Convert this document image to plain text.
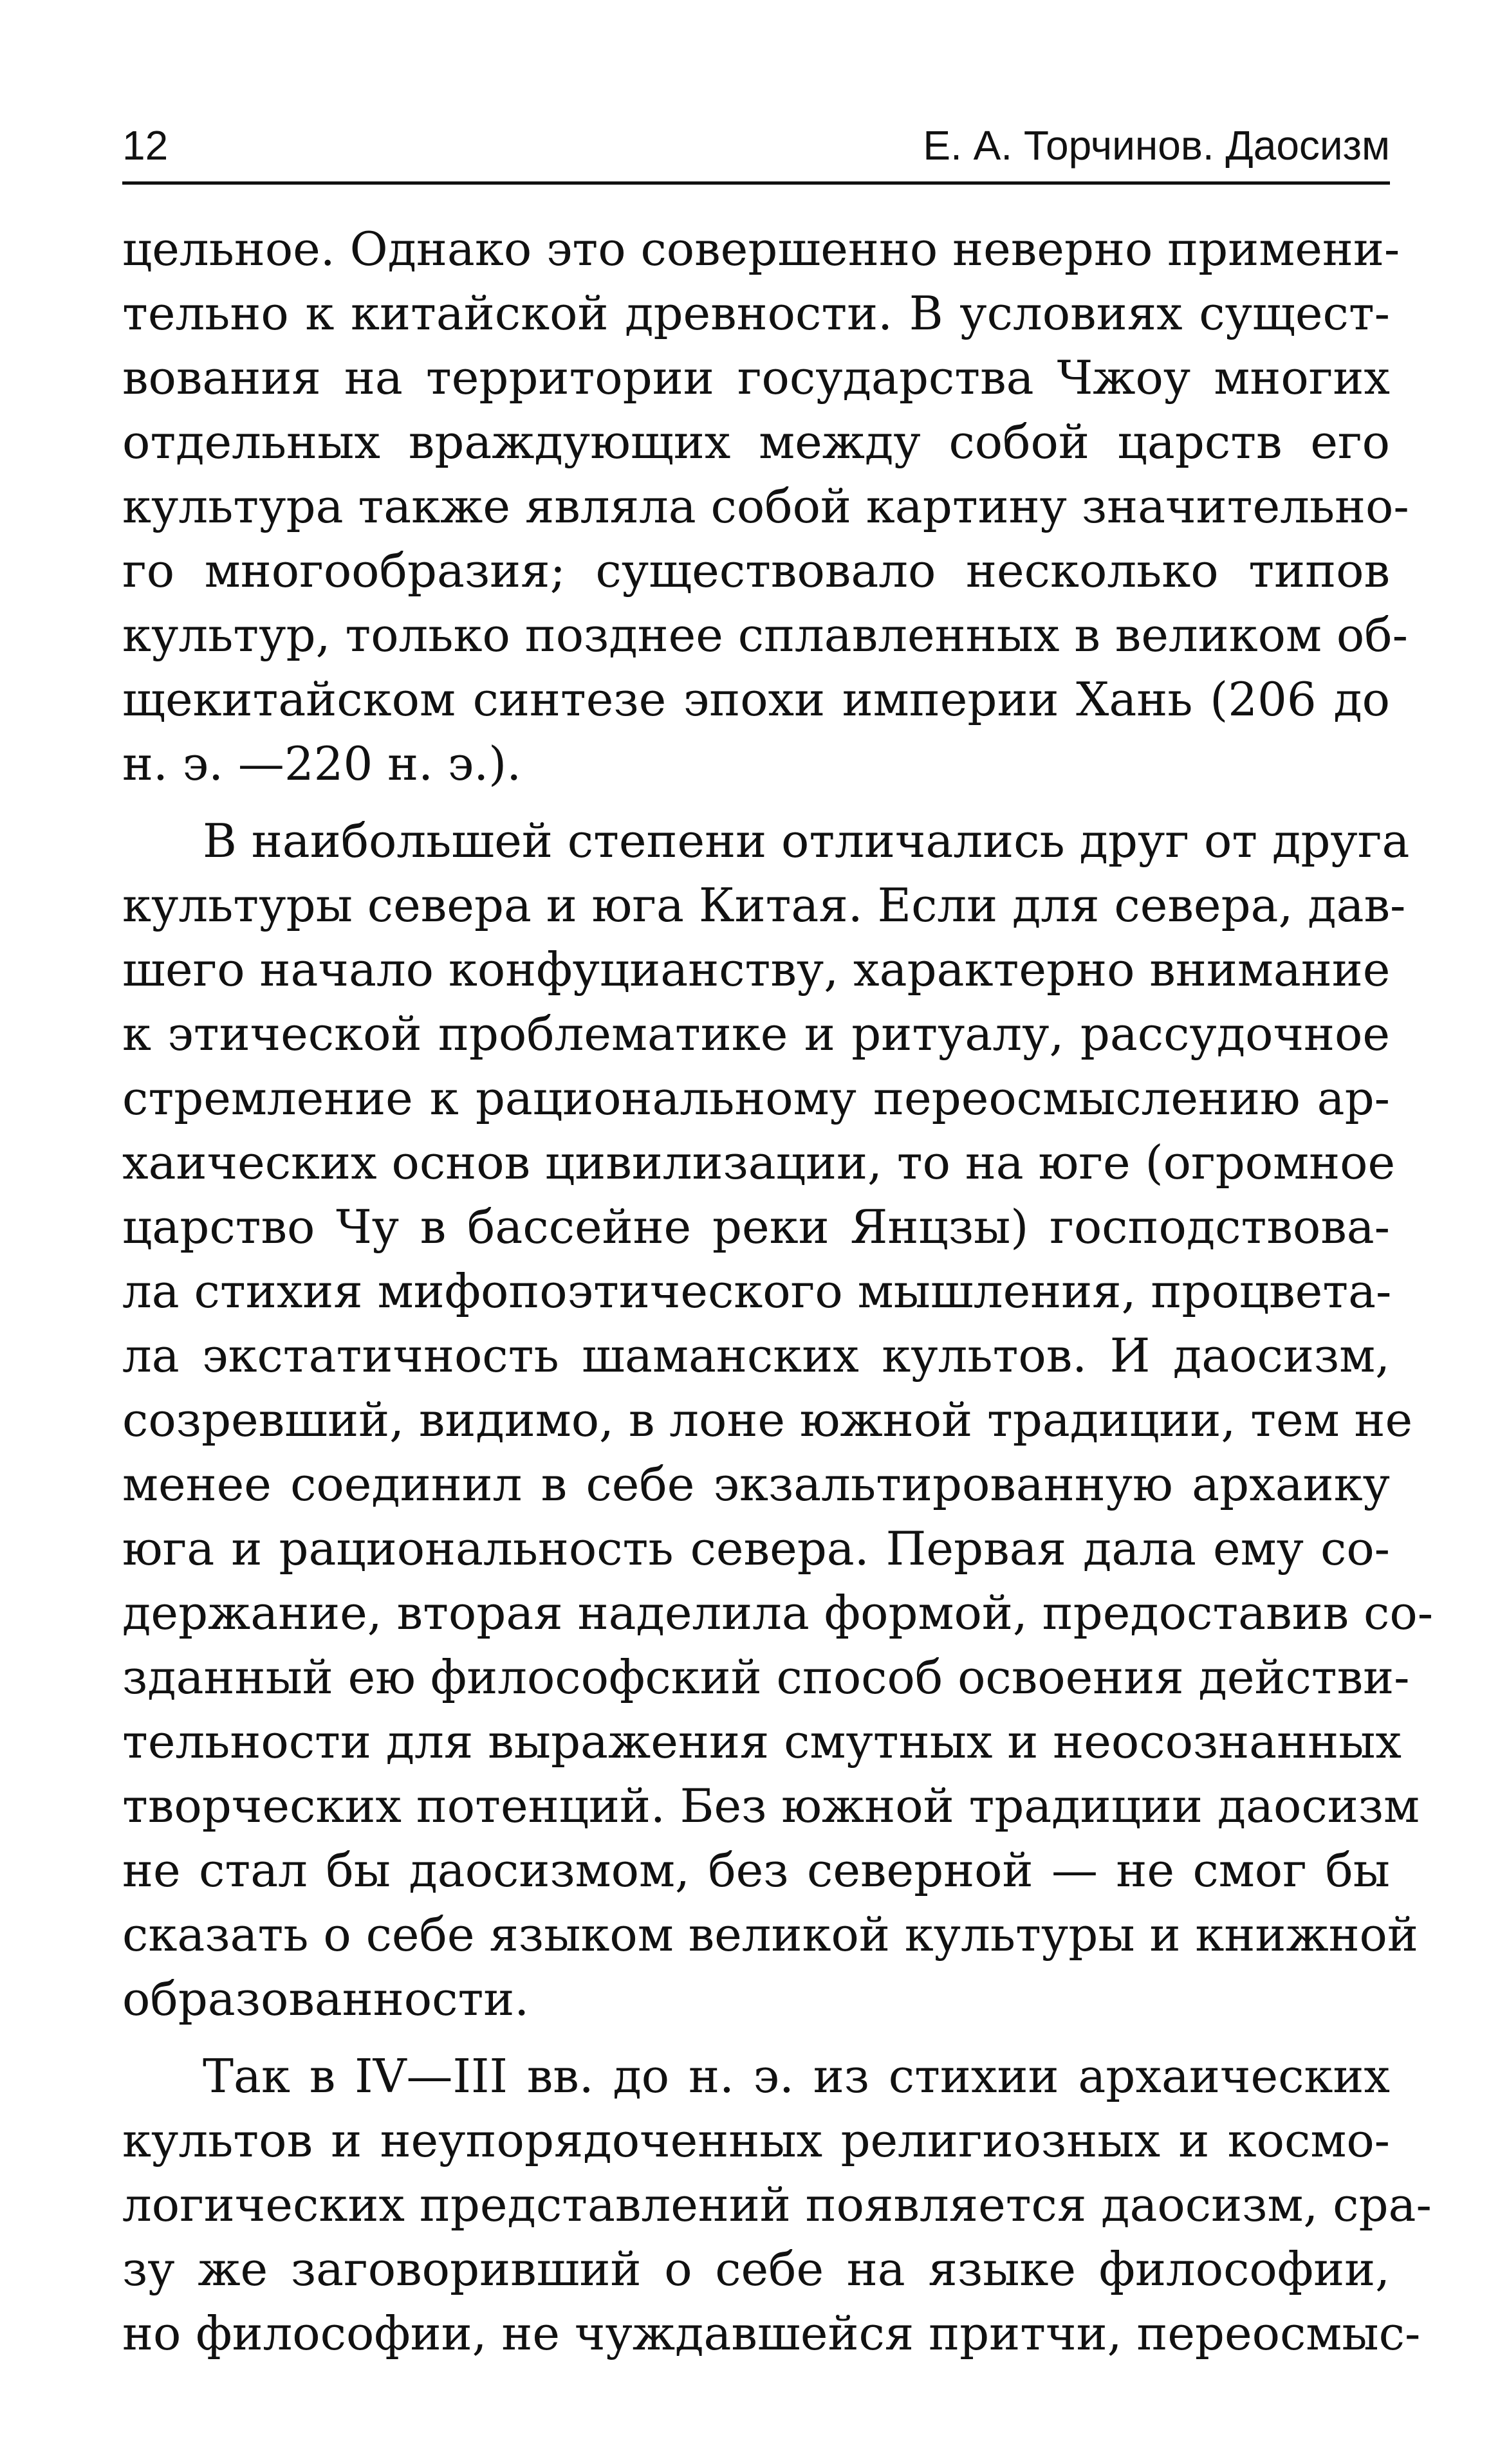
12	Е. А. Торчинов. Даосизм
цельное. Однако это совершенно неверно примени-
тельно к китайской древности. В условиях сущест-
вования на территории государства Чжоу многих
отдельных враждующих между собой царств его
культура также являла собой картину значительно-
го многообразия; существовало несколько типов
культур, только позднее сплавленных в великом об-
щекитайском синтезе эпохи империи Хань (206 до
н. э. —220 н. э.).
В наибольшей степени отличались друг от друга
культуры севера и юга Китая. Если для севера, дав-
шего начало конфуцианству, характерно внимание
к этической проблематике и ритуалу, рассудочное
стремление к рациональному переосмыслению ар-
хаических основ цивилизации, то на юге (огромное
царство Чу в бассейне реки Янцзы) господствова-
ла стихия мифопоэтического мышления, процвета-
ла экстатичность шаманских культов. И даосизм,
созревший, видимо, в лоне южной традиции, тем не
менее соединил в себе экзальтированную архаику
юга и рациональность севера. Первая дала ему со-
держание, вторая наделила формой, предоставив со-
зданный ею философский способ освоения действи-
тельности для выражения смутных и неосознанных
творческих потенций. Без южной традиции даосизм
не стал бы даосизмом, без северной — не смог бы
сказать о себе языком великой культуры и книжной
образованности.
Так в IV—III вв. до н. э. из стихии архаических
культов и неупорядоченных религиозных и космо-
логических представлений появляется даосизм, сра-
зу же заговоривший о себе на языке философии,
но философии, не чуждавшейся притчи, переосмыс-
